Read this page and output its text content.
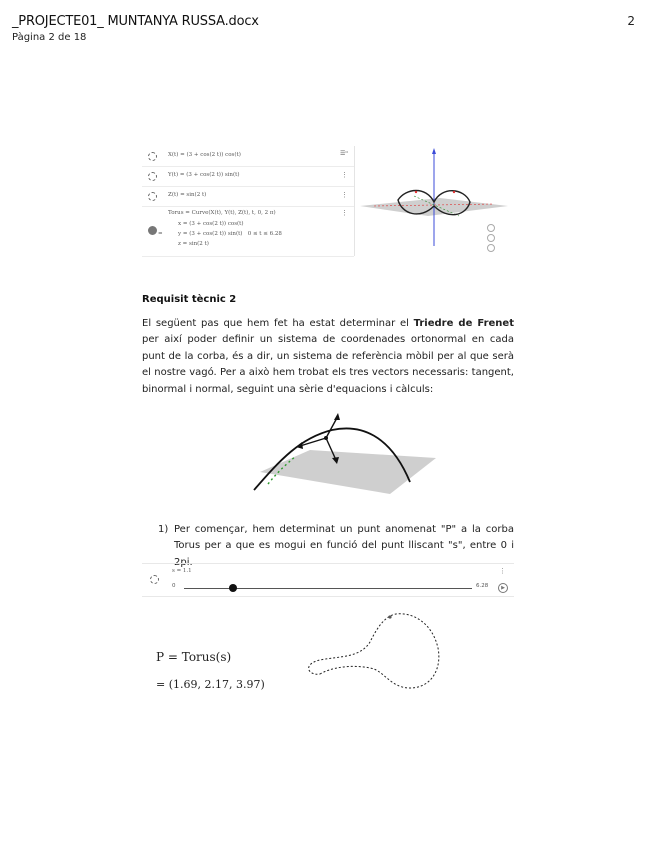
_PROJECTE01_ MUNTANYA RUSSA.docx
Pàgina 2 de 18
2
☰ᵅ
X(t) = (3 + cos(2 t)) cos(t)
Y(t) = (3 + cos(2 t)) sin(t)	⋮
Z(t) = sin(2 t)	⋮
Torus = Curve(X(t), Y(t), Z(t), t, 0, 2 π)	⋮
=
x = (3 + cos(2 t)) cos(t)
y = (3 + cos(2 t)) sin(t)   0 ≤ t ≤ 6.28
z = sin(2 t)
Requisit tècnic 2
El següent pas que hem fet ha estat determinar el Triedre de Frenet per així poder definir un sistema de coordenades ortonormal en cada punt de la corba, és a dir, un sistema de referència mòbil per al que serà el nostre vagó. Per a això hem trobat els tres vectors necessaris: tangent, binormal i normal, seguint una sèrie d'equacions i càlculs:
1) Per començar, hem determinat un punt anomenat "P" a la corba Torus per a que es mogui en funció del punt lliscant "s", entre 0 i 2pi.
s = 1.1	⋮
0	6.28	▶
P = Torus(s)
= (1.69, 2.17, 3.97)
